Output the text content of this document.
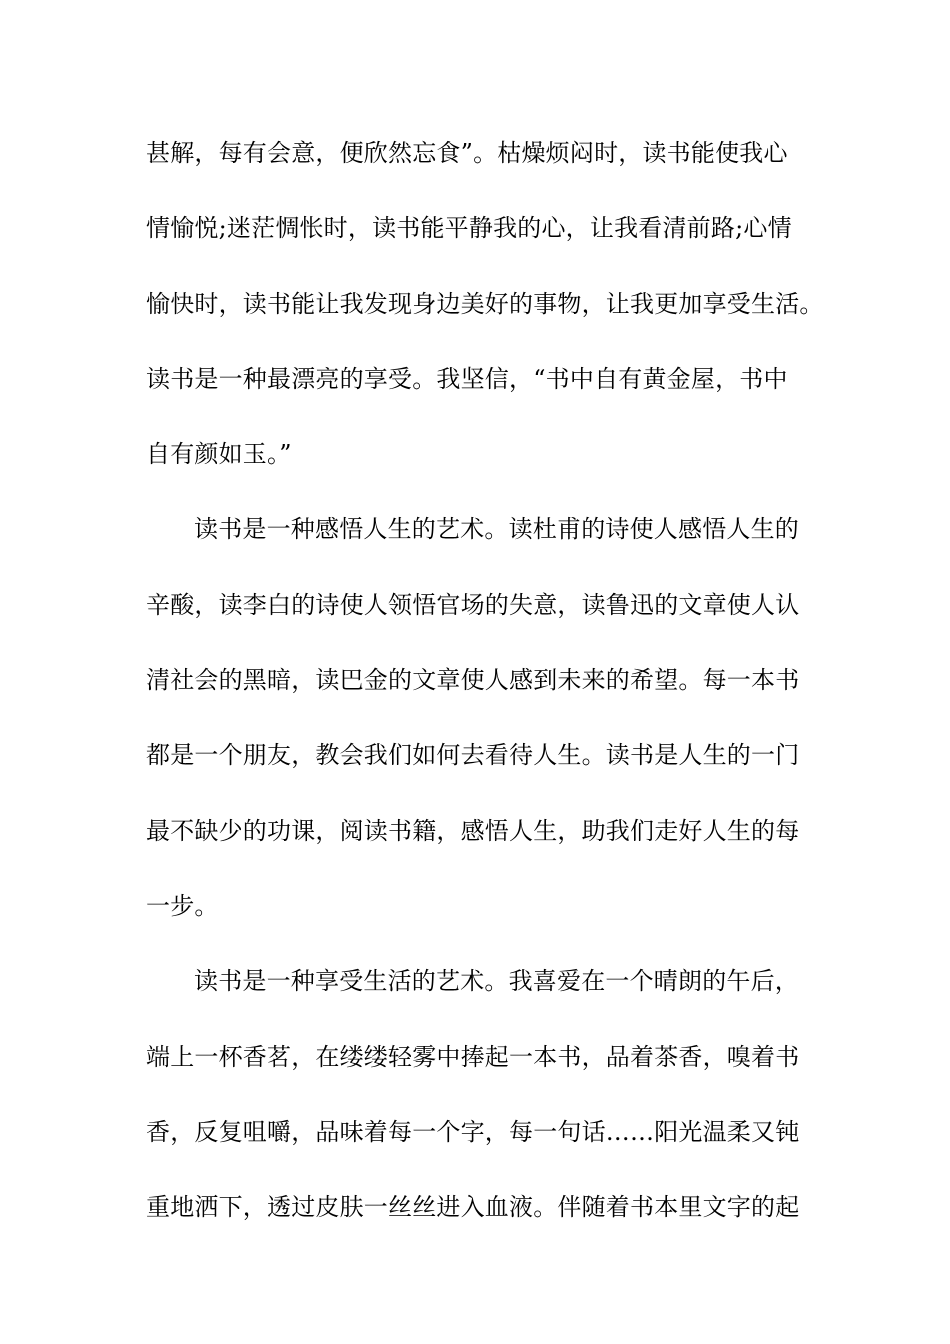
甚解，每有会意，便欣然忘食”。枯燥烦闷时，读书能使我心
情愉悦;迷茫惆怅时，读书能平静我的心，让我看清前路;心情
愉快时，读书能让我发现身边美好的事物，让我更加享受生活。
读书是一种最漂亮的享受。我坚信，“书中自有黄金屋，书中
自有颜如玉。”
读书是一种感悟人生的艺术。读杜甫的诗使人感悟人生的
辛酸，读李白的诗使人领悟官场的失意，读鲁迅的文章使人认
清社会的黑暗，读巴金的文章使人感到未来的希望。每一本书
都是一个朋友，教会我们如何去看待人生。读书是人生的一门
最不缺少的功课，阅读书籍，感悟人生，助我们走好人生的每
一步。
读书是一种享受生活的艺术。我喜爱在一个晴朗的午后，
端上一杯香茗，在缕缕轻雾中捧起一本书，品着茶香，嗅着书
香，反复咀嚼，品味着每一个字，每一句话……阳光温柔又钝
重地洒下，透过皮肤一丝丝进入血液。伴随着书本里文字的起
